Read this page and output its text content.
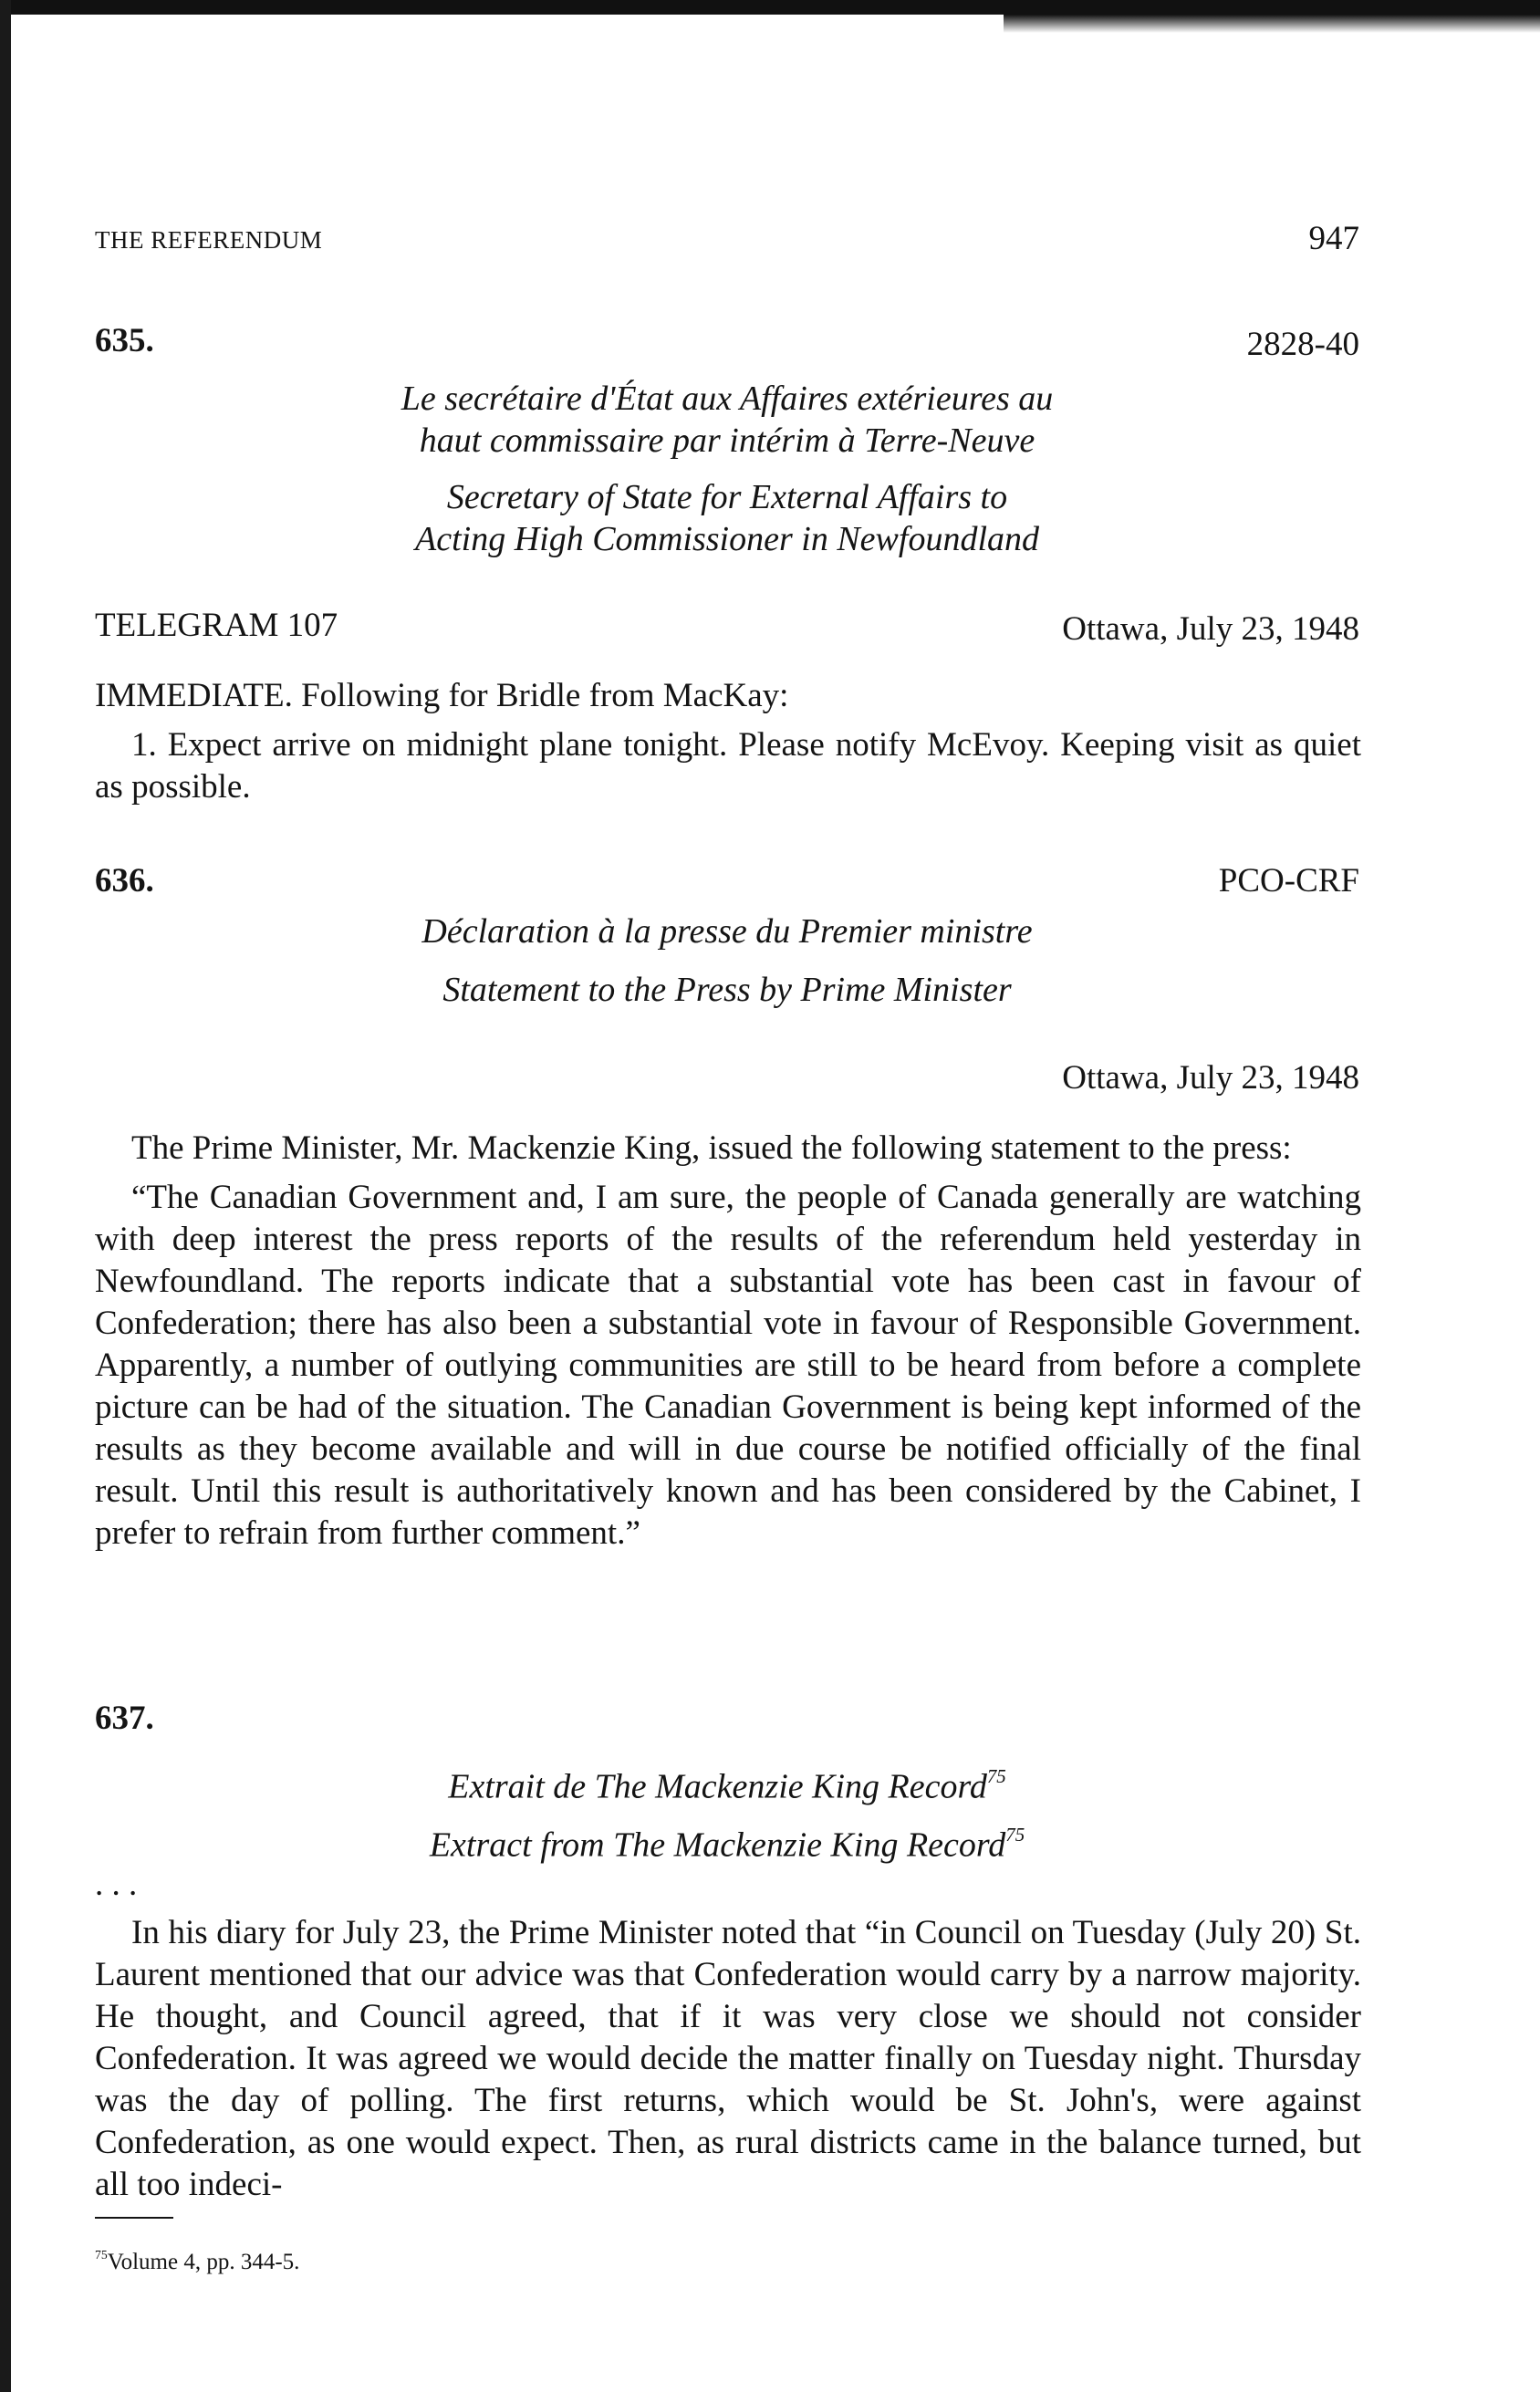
THE REFERENDUM	947
635.	2828-40
Le secrétaire d'État aux Affaires extérieures au
haut commissaire par intérim à Terre-Neuve
Secretary of State for External Affairs to
Acting High Commissioner in Newfoundland
TELEGRAM 107	Ottawa, July 23, 1948
IMMEDIATE. Following for Bridle from MacKay:

1. Expect arrive on midnight plane tonight. Please notify McEvoy. Keeping visit as quiet as possible.

636.	PCO-CRF
Déclaration à la presse du Premier ministre
Statement to the Press by Prime Minister
Ottawa, July 23, 1948

The Prime Minister, Mr. Mackenzie King, issued the following statement to the press:

“The Canadian Government and, I am sure, the people of Canada generally are watching with deep interest the press reports of the results of the referendum held yesterday in Newfoundland. The reports indicate that a substantial vote has been cast in favour of Confederation; there has also been a substantial vote in favour of Responsible Government. Apparently, a number of outlying communities are still to be heard from before a complete picture can be had of the situation. The Canadian Government is being kept informed of the results as they become available and will in due course be notified officially of the final result. Until this result is authoritatively known and has been considered by the Cabinet, I prefer to refrain from further comment.”

637.
Extrait de The Mackenzie King Record$^{75}$
Extract from The Mackenzie King Record$^{75}$
. . .

In his diary for July 23, the Prime Minister noted that “in Council on Tuesday (July 20) St. Laurent mentioned that our advice was that Confederation would carry by a narrow majority. He thought, and Council agreed, that if it was very close we should not consider Confederation. It was agreed we would decide the matter finally on Tuesday night. Thursday was the day of polling. The first returns, which would be St. John's, were against Confederation, as one would expect. Then, as rural districts came in the balance turned, but all too indeci-

$^{75}$Volume 4, pp. 344-5.
